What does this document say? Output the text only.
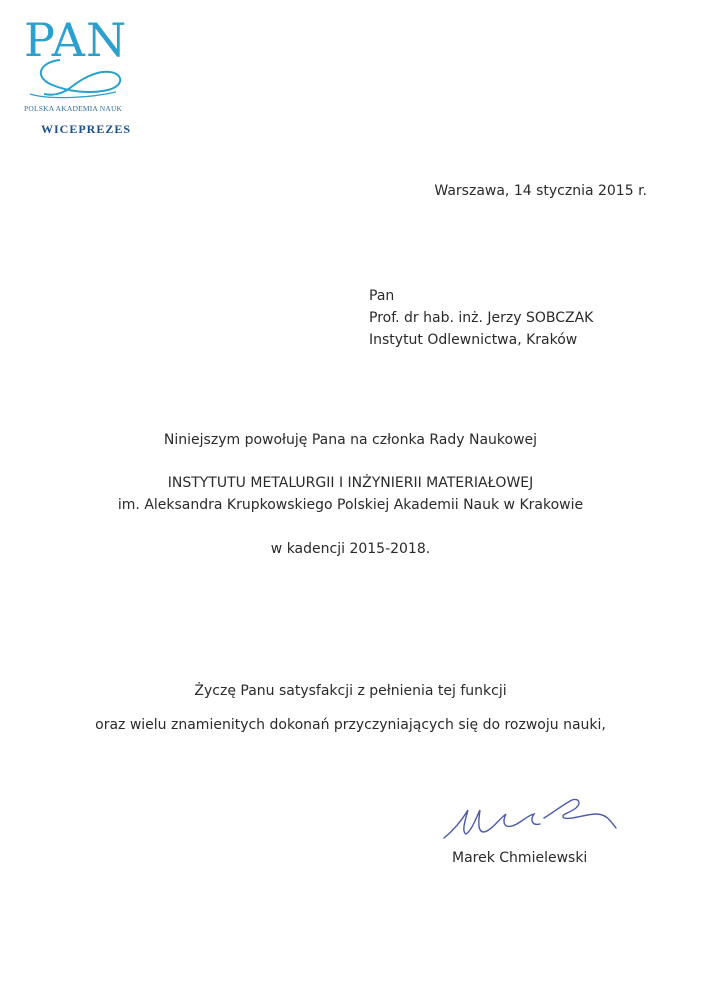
PAN
POLSKA AKADEMIA NAUK
WICEPREZES
Warszawa, 14 stycznia 2015 r.
Pan
Prof. dr hab. inż. Jerzy SOBCZAK
Instytut Odlewnictwa, Kraków
Niniejszym powołuję Pana na członka Rady Naukowej
INSTYTUTU METALURGII I INŻYNIERII MATERIAŁOWEJ
im. Aleksandra Krupkowskiego Polskiej Akademii Nauk w Krakowie
w kadencji 2015-2018.
Życzę Panu satysfakcji z pełnienia tej funkcji
oraz wielu znamienitych dokonań przyczyniających się do rozwoju nauki,
Marek Chmielewski
